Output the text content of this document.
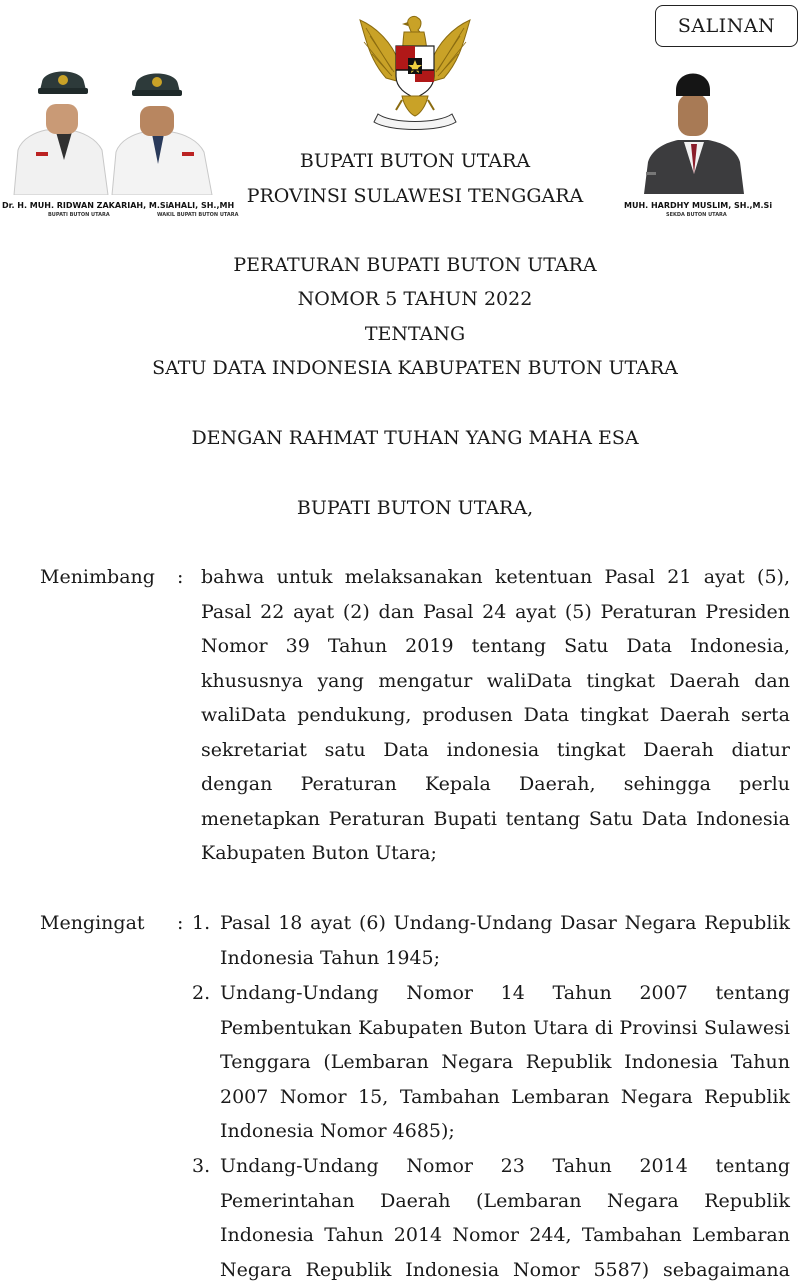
SALINAN
Dr. H. MUH. RIDWAN ZAKARIAH, M.Si
BUPATI BUTON UTARA
AHALI, SH.,MH
WAKIL BUPATI BUTON UTARA
MUH. HARDHY MUSLIM, SH.,M.Si
SEKDA BUTON UTARA
BUPATI BUTON UTARA
PROVINSI SULAWESI TENGGARA
PERATURAN BUPATI BUTON UTARA
NOMOR 5 TAHUN 2022
TENTANG
SATU DATA INDONESIA KABUPATEN BUTON UTARA
DENGAN RAHMAT TUHAN YANG MAHA ESA
BUPATI BUTON UTARA,
Menimbang : bahwa untuk melaksanakan ketentuan Pasal 21 ayat (5), Pasal 22 ayat (2) dan Pasal 24 ayat (5) Peraturan Presiden Nomor 39 Tahun 2019 tentang Satu Data Indonesia, khususnya yang mengatur waliData tingkat Daerah dan waliData pendukung, produsen Data tingkat Daerah serta sekretariat satu Data indonesia tingkat Daerah diatur dengan Peraturan Kepala Daerah, sehingga perlu menetapkan Peraturan Bupati tentang Satu Data Indonesia Kabupaten Buton Utara;
Mengingat : 1. Pasal 18 ayat (6) Undang-Undang Dasar Negara Republik Indonesia Tahun 1945;
2. Undang-Undang Nomor 14 Tahun 2007 tentang Pembentukan Kabupaten Buton Utara di Provinsi Sulawesi Tenggara (Lembaran Negara Republik Indonesia Tahun 2007 Nomor 15, Tambahan Lembaran Negara Republik Indonesia Nomor 4685);
3. Undang-Undang Nomor 23 Tahun 2014 tentang Pemerintahan Daerah (Lembaran Negara Republik Indonesia Tahun 2014 Nomor 244, Tambahan Lembaran Negara Republik Indonesia Nomor 5587) sebagaimana
